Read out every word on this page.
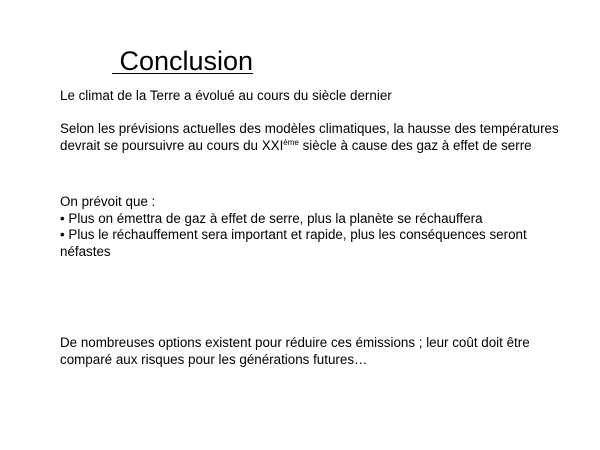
Conclusion

Le climat de la Terre a évolué au cours du siècle dernier

Selon les prévisions actuelles des modèles climatiques, la hausse des températures
devrait se poursuivre au cours du XXIème siècle à cause des gaz à effet de serre

On prévoit que :
• Plus on émettra de gaz à effet de serre, plus la planète se réchauffera
• Plus le réchauffement sera important et rapide, plus les conséquences seront
néfastes

De nombreuses options existent pour réduire ces émissions ; leur coût doit être
comparé aux risques pour les générations futures…
